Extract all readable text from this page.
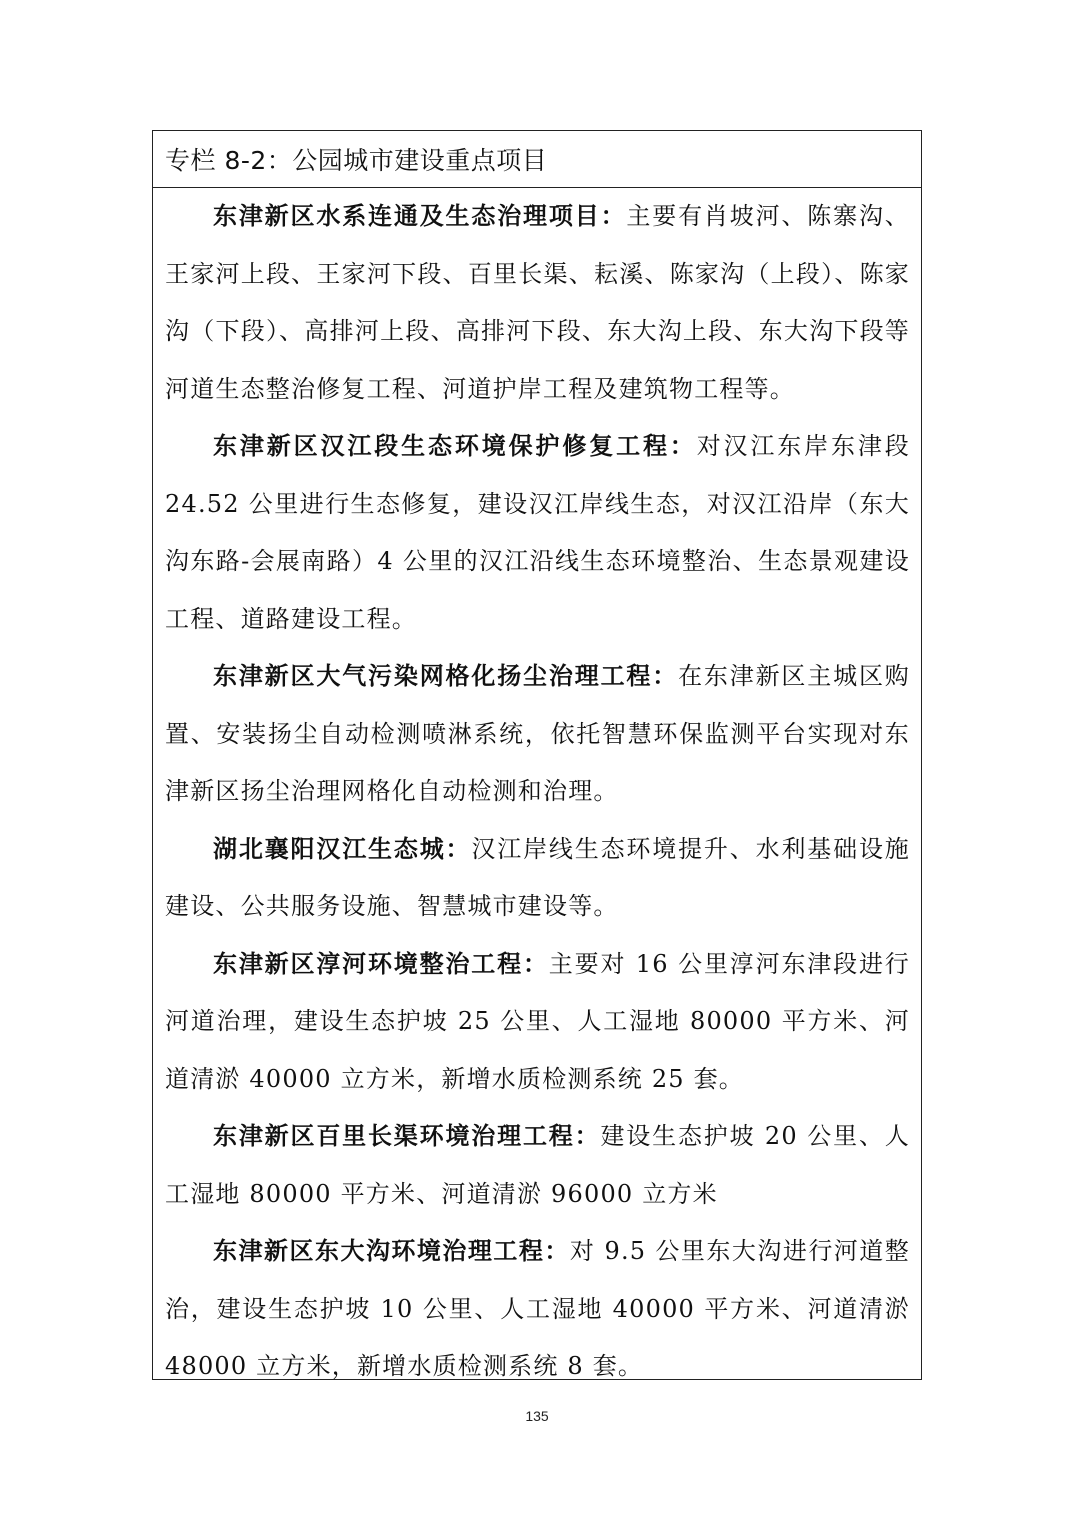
专栏 8-2：公园城市建设重点项目

东津新区水系连通及生态治理项目：主要有肖坡河、陈寨沟、王家河上段、王家河下段、百里长渠、耘溪、陈家沟（上段）、陈家沟（下段）、高排河上段、高排河下段、东大沟上段、东大沟下段等河道生态整治修复工程、河道护岸工程及建筑物工程等。

东津新区汉江段生态环境保护修复工程：对汉江东岸东津段 24.52 公里进行生态修复，建设汉江岸线生态，对汉江沿岸（东大沟东路-会展南路）4 公里的汉江沿线生态环境整治、生态景观建设工程、道路建设工程。

东津新区大气污染网格化扬尘治理工程：在东津新区主城区购置、安装扬尘自动检测喷淋系统，依托智慧环保监测平台实现对东津新区扬尘治理网格化自动检测和治理。

湖北襄阳汉江生态城：汉江岸线生态环境提升、水利基础设施建设、公共服务设施、智慧城市建设等。

东津新区淳河环境整治工程：主要对 16 公里淳河东津段进行河道治理，建设生态护坡 25 公里、人工湿地 80000 平方米、河道清淤 40000 立方米，新增水质检测系统 25 套。

东津新区百里长渠环境治理工程：建设生态护坡 20 公里、人工湿地 80000 平方米、河道清淤 96000 立方米

东津新区东大沟环境治理工程：对 9.5 公里东大沟进行河道整治，建设生态护坡 10 公里、人工湿地 40000 平方米、河道清淤 48000 立方米，新增水质检测系统 8 套。

135
